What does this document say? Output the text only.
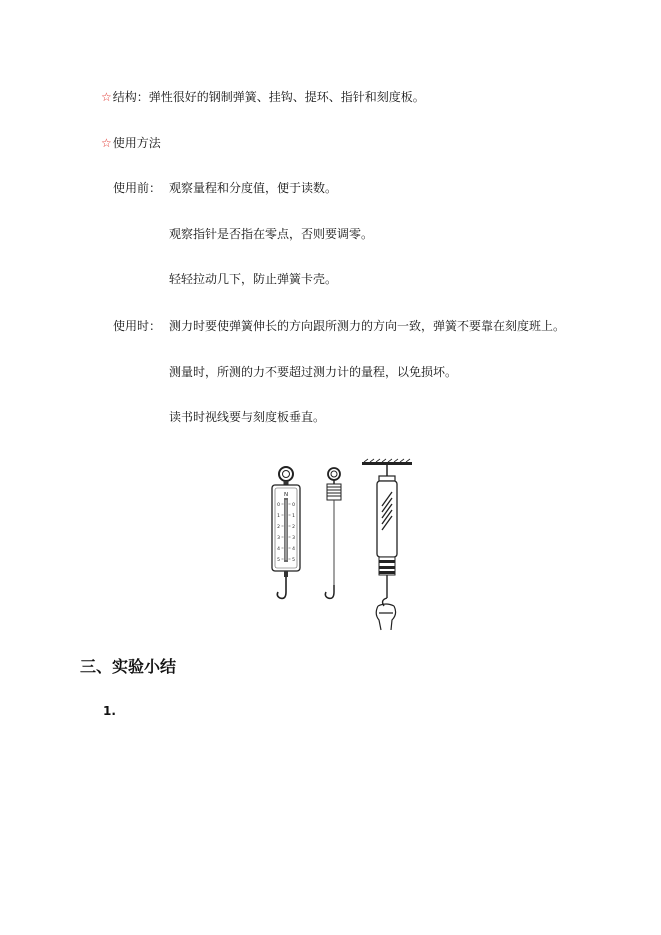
☆结构：弹性很好的钢制弹簧、挂钩、提环、指针和刻度板。
☆使用方法
使用前： 观察量程和分度值，便于读数。
观察指针是否指在零点，否则要调零。
轻轻拉动几下，防止弹簧卡壳。
使用时： 测力时要使弹簧伸长的方向跟所测力的方向一致，弹簧不要靠在刻度班上。
测量时，所测的力不要超过测力计的量程，以免损坏。
读书时视线要与刻度板垂直。
N
0
1
2
3
4
5
0
1
2
3
4
5
三、实验小结
1.
